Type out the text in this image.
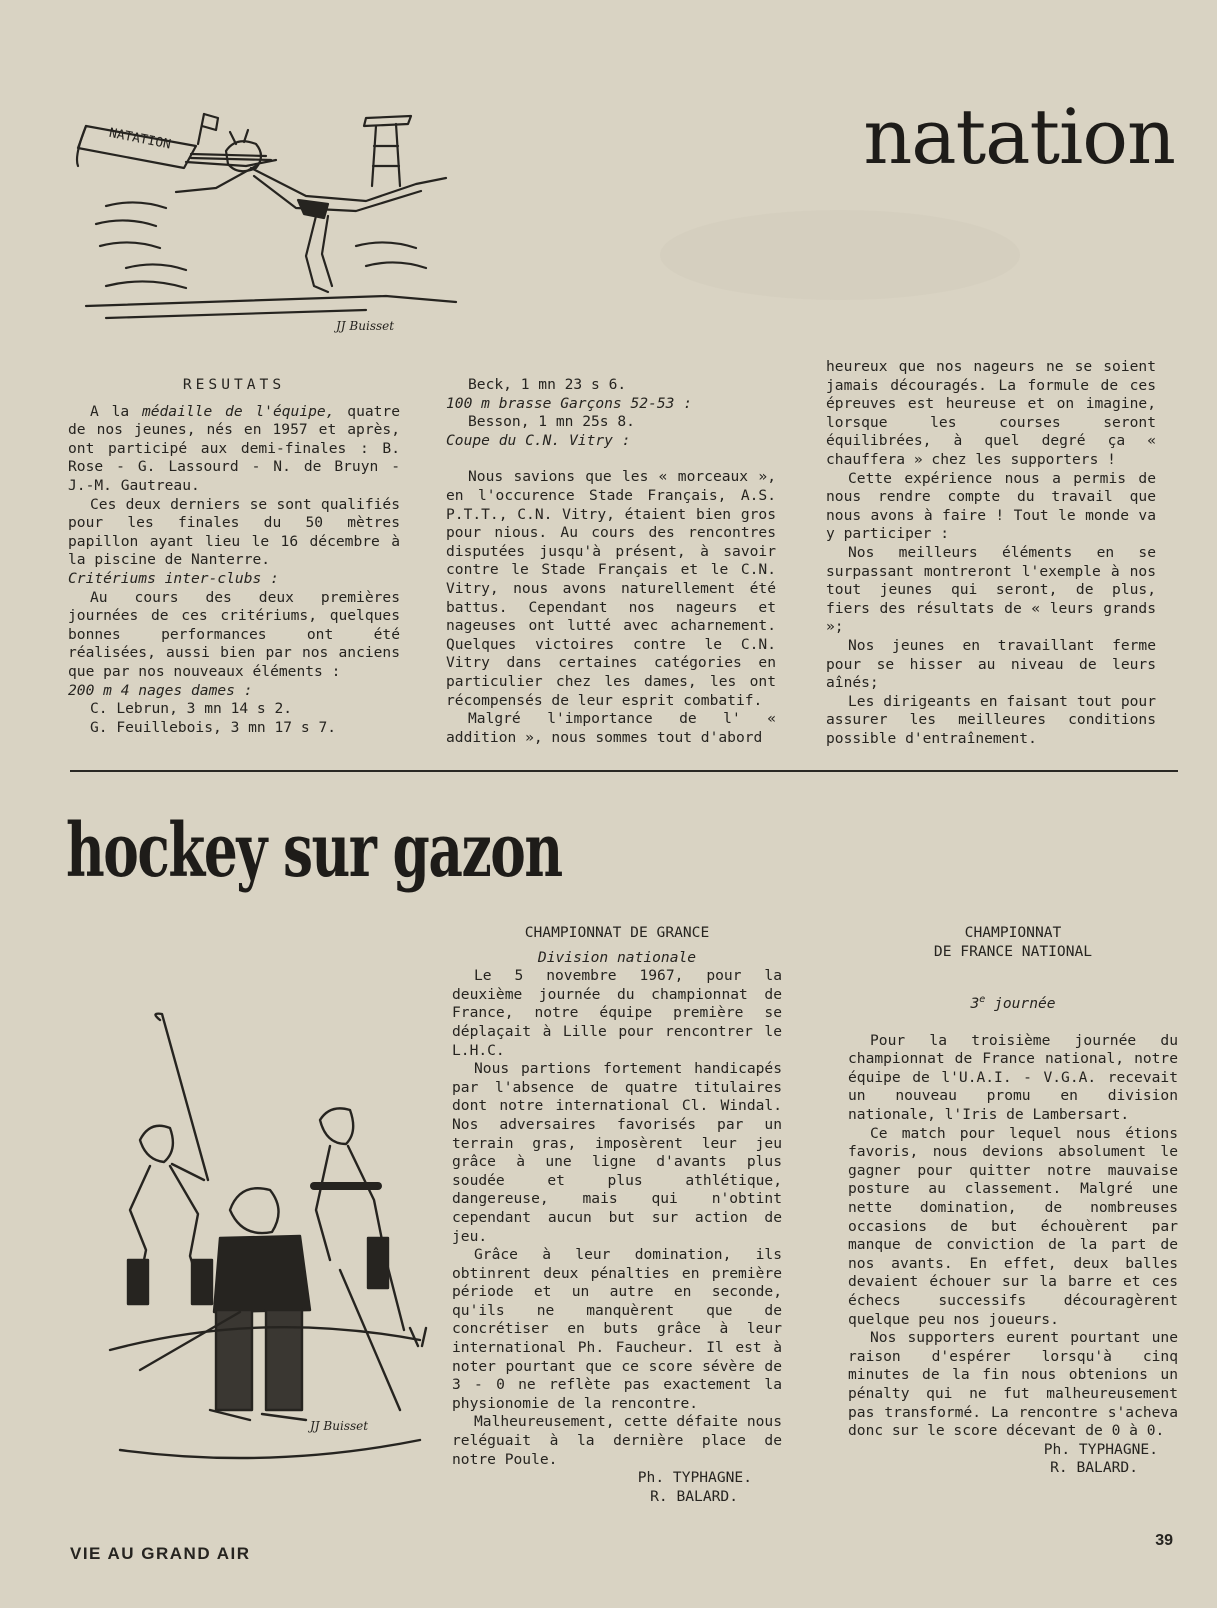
NATATION
JJ Buisset
natation

RESUTATS

A la médaille de l'équipe, quatre de nos jeunes, nés en 1957 et après, ont participé aux demi-finales : B. Rose - G. Lassourd - N. de Bruyn - J.-M. Gautreau.

Ces deux derniers se sont qualifiés pour les finales du 50 mètres papillon ayant lieu le 16 décembre à la piscine de Nanterre.

Critériums inter-clubs :

Au cours des deux premières journées de ces critériums, quelques bonnes performances ont été réalisées, aussi bien par nos anciens que par nos nouveaux éléments :

200 m 4 nages dames :

C. Lebrun, 3 mn 14 s 2.

G. Feuillebois, 3 mn 17 s 7.

Beck, 1 mn 23 s 6.

100 m brasse Garçons 52-53 :

Besson, 1 mn 25s 8.

Coupe du C.N. Vitry :

Nous savions que les « morceaux », en l'occurence Stade Français, A.S. P.T.T., C.N. Vitry, étaient bien gros pour nious. Au cours des rencontres disputées jusqu'à présent, à savoir contre le Stade Français et le C.N. Vitry, nous avons naturellement été battus. Cependant nos nageurs et nageuses ont lutté avec acharnement. Quelques victoires contre le C.N. Vitry dans certaines catégories en particulier chez les dames, les ont récompensés de leur esprit combatif.

Malgré l'importance de l' « addition », nous sommes tout d'abord

heureux que nos nageurs ne se soient jamais découragés. La formule de ces épreuves est heureuse et on imagine, lorsque les courses seront équilibrées, à quel degré ça « chauffera » chez les supporters !

Cette expérience nous a permis de nous rendre compte du travail que nous avons à faire ! Tout le monde va y participer :

Nos meilleurs éléments en se surpassant montreront l'exemple à nos tout jeunes qui seront, de plus, fiers des résultats de « leurs grands »;

Nos jeunes en travaillant ferme pour se hisser au niveau de leurs aînés;

Les dirigeants en faisant tout pour assurer les meilleures conditions possible d'entraînement.

hockey sur gazon
JJ Buisset

CHAMPIONNAT DE GRANCE

Division nationale

Le 5 novembre 1967, pour la deuxième journée du championnat de France, notre équipe première se déplaçait à Lille pour rencontrer le L.H.C.

Nous partions fortement handicapés par l'absence de quatre titulaires dont notre international Cl. Windal. Nos adversaires favorisés par un terrain gras, imposèrent leur jeu grâce à une ligne d'avants plus soudée et plus athlétique, dangereuse, mais qui n'obtint cependant aucun but sur action de jeu.

Grâce à leur domination, ils obtinrent deux pénalties en première période et un autre en seconde, qu'ils ne manquèrent que de concrétiser en buts grâce à leur international Ph. Faucheur. Il est à noter pourtant que ce score sévère de 3 - 0 ne reflète pas exactement la physionomie de la rencontre.

Malheureusement, cette défaite nous reléguait à la dernière place de notre Poule.

Ph. TYPHAGNE.

R. BALARD.

CHAMPIONNAT

DE FRANCE NATIONAL

3e journée

Pour la troisième journée du championnat de France national, notre équipe de l'U.A.I. - V.G.A. recevait un nouveau promu en division nationale, l'Iris de Lambersart.

Ce match pour lequel nous étions favoris, nous devions absolument le gagner pour quitter notre mauvaise posture au classement. Malgré une nette domination, de nombreuses occasions de but échouèrent par manque de conviction de la part de nos avants. En effet, deux balles devaient échouer sur la barre et ces échecs successifs découragèrent quelque peu nos joueurs.

Nos supporters eurent pourtant une raison d'espérer lorsqu'à cinq minutes de la fin nous obtenions un pénalty qui ne fut malheureusement pas transformé. La rencontre s'acheva donc sur le score décevant de 0 à 0.

Ph. TYPHAGNE.

R. BALARD.

VIE AU GRAND AIR
39
